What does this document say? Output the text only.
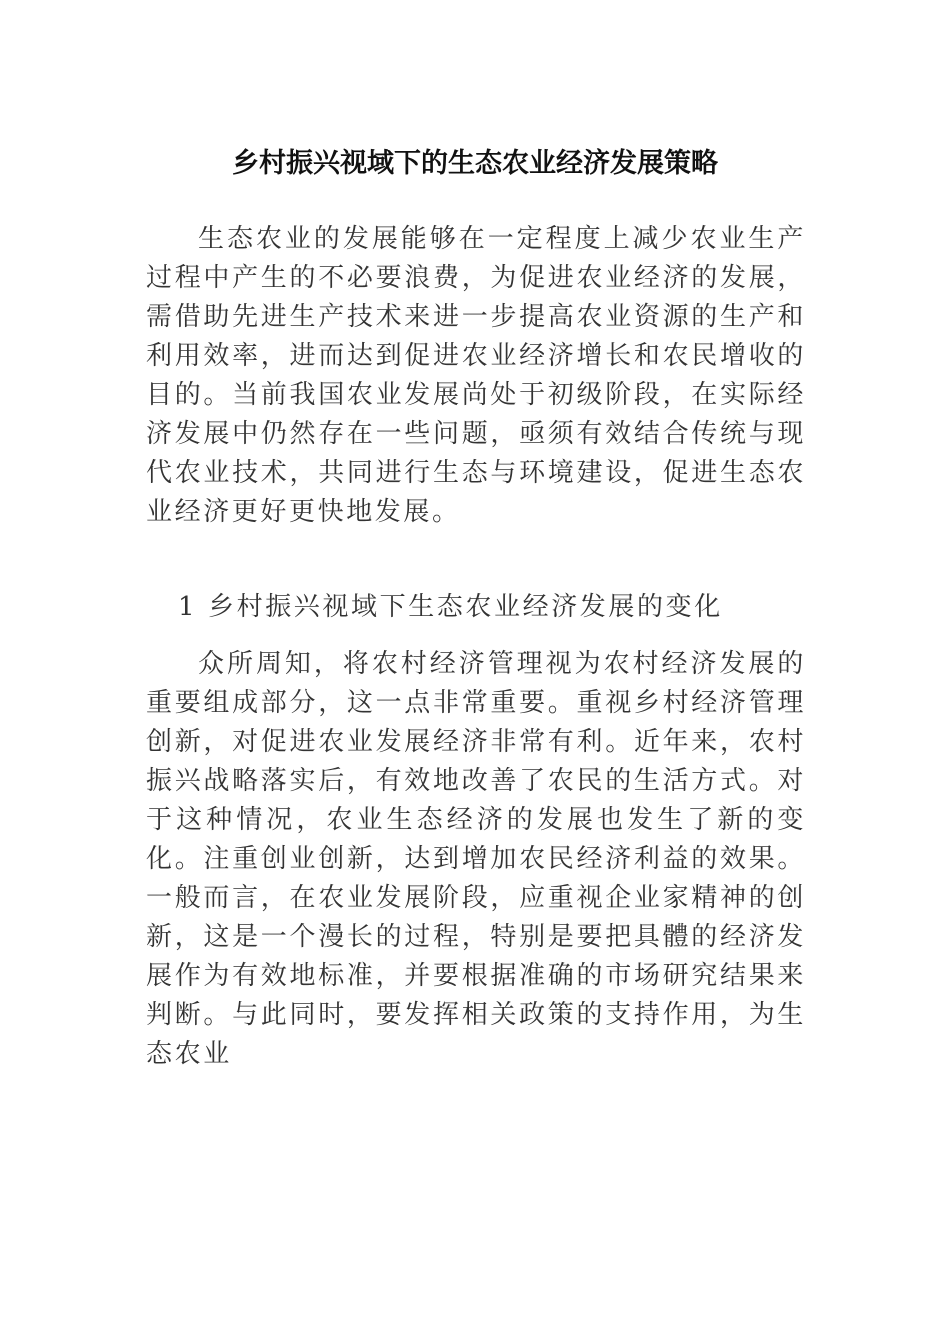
乡村振兴视域下的生态农业经济发展策略

生态农业的发展能够在一定程度上减少农业生产过程中产生的不必要浪费，为促进农业经济的发展，需借助先进生产技术来进一步提高农业资源的生产和利用效率，进而达到促进农业经济增长和农民增收的目的。当前我国农业发展尚处于初级阶段，在实际经济发展中仍然存在一些问题，亟须有效结合传统与现代农业技术，共同进行生态与环境建设，促进生态农业经济更好更快地发展。

1 乡村振兴视域下生态农业经济发展的变化

众所周知，将农村经济管理视为农村经济发展的重要组成部分，这一点非常重要。重视乡村经济管理创新，对促进农业发展经济非常有利。近年来，农村振兴战略落实后，有效地改善了农民的生活方式。对于这种情况，农业生态经济的发展也发生了新的变化。注重创业创新，达到增加农民经济利益的效果。一般而言，在农业发展阶段，应重视企业家精神的创新，这是一个漫长的过程，特别是要把具體的经济发展作为有效地标准，并要根据准确的市场研究结果来判断。与此同时，要发挥相关政策的支持作用，为生态农业
